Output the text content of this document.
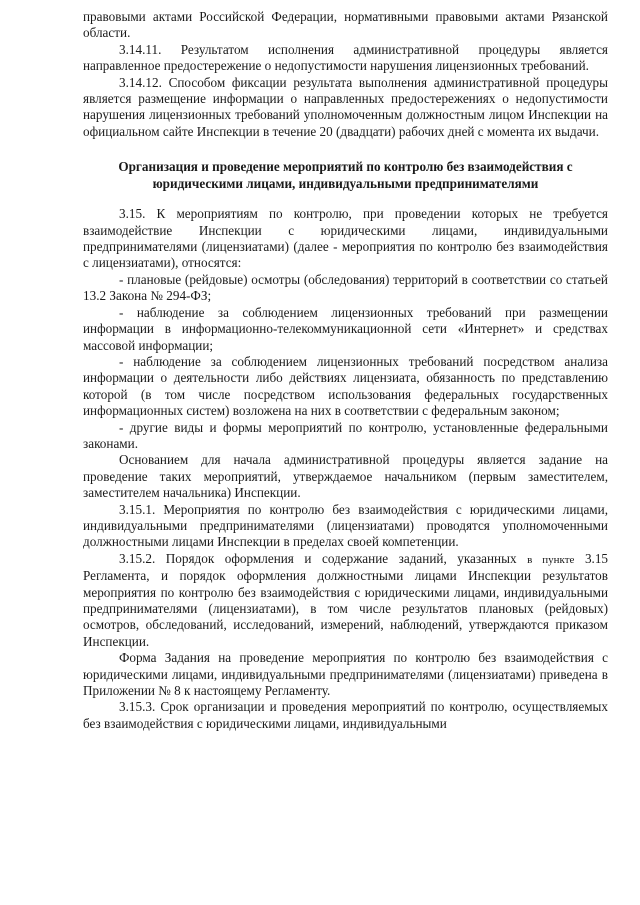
правовыми актами Российской Федерации, нормативными правовыми актами Рязанской области.

3.14.11. Результатом исполнения административной процедуры является направленное предостережение о недопустимости нарушения лицензионных требований.

3.14.12. Способом фиксации результата выполнения административной процедуры является размещение информации о направленных предостережениях о недопустимости нарушения лицензионных требований уполномоченным должностным лицом Инспекции на официальном сайте Инспекции в течение 20 (двадцати) рабочих дней с момента их выдачи.

Организация и проведение мероприятий по контролю без взаимодействия с юридическими лицами, индивидуальными предпринимателями

3.15. К мероприятиям по контролю, при проведении которых не требуется взаимодействие Инспекции с юридическими лицами, индивидуальными предпринимателями (лицензиатами) (далее - мероприятия по контролю без взаимодействия с лицензиатами), относятся:

- плановые (рейдовые) осмотры (обследования) территорий в соответствии со статьей 13.2 Закона № 294-ФЗ;

- наблюдение за соблюдением лицензионных требований при размещении информации в информационно-телекоммуникационной сети «Интернет» и средствах массовой информации;

- наблюдение за соблюдением лицензионных требований посредством анализа информации о деятельности либо действиях лицензиата, обязанность по представлению которой (в том числе посредством использования федеральных государственных информационных систем) возложена на них в соответствии с федеральным законом;

- другие виды и формы мероприятий по контролю, установленные федеральными законами.

Основанием для начала административной процедуры является задание на проведение таких мероприятий, утверждаемое начальником (первым заместителем, заместителем начальника) Инспекции.

3.15.1. Мероприятия по контролю без взаимодействия с юридическими лицами, индивидуальными предпринимателями (лицензиатами) проводятся уполномоченными должностными лицами Инспекции в пределах своей компетенции.

3.15.2. Порядок оформления и содержание заданий, указанных в пункте 3.15 Регламента, и порядок оформления должностными лицами Инспекции результатов мероприятия по контролю без взаимодействия с юридическими лицами, индивидуальными предпринимателями (лицензиатами), в том числе результатов плановых (рейдовых) осмотров, обследований, исследований, измерений, наблюдений, утверждаются приказом Инспекции.

Форма Задания на проведение мероприятия по контролю без взаимодействия с юридическими лицами, индивидуальными предпринимателями (лицензиатами) приведена в Приложении № 8 к настоящему Регламенту.

3.15.3. Срок организации и проведения мероприятий по контролю, осуществляемых без взаимодействия с юридическими лицами, индивидуальными
